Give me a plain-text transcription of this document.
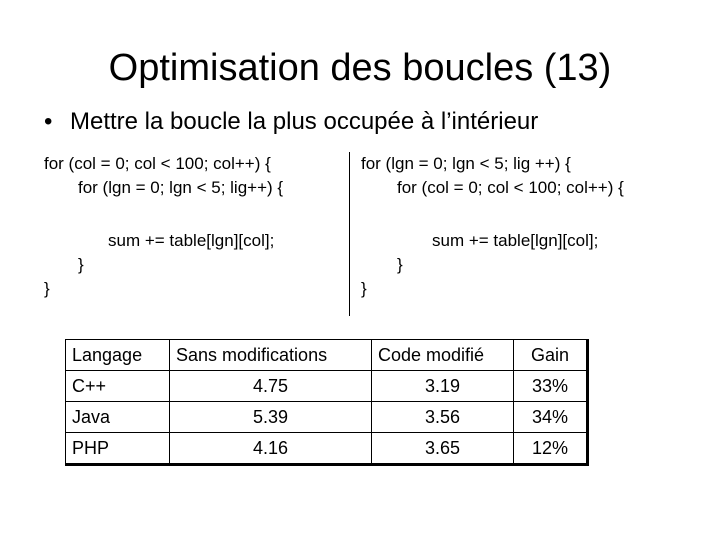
Optimisation des boucles (13)
• Mettre la boucle la plus occupée à l’intérieur
for (col = 0; col < 100; col++) {
for (lgn = 0; lgn < 5; lig++) {
sum += table[lgn][col];
}
}
for (lgn = 0; lgn < 5; lig ++) {
for (col = 0; col < 100; col++) {
sum += table[lgn][col];
}
}
Langage	Sans modifications	Code modifié	Gain
C++	4.75	3.19	33%
Java	5.39	3.56	34%
PHP	4.16	3.65	12%
